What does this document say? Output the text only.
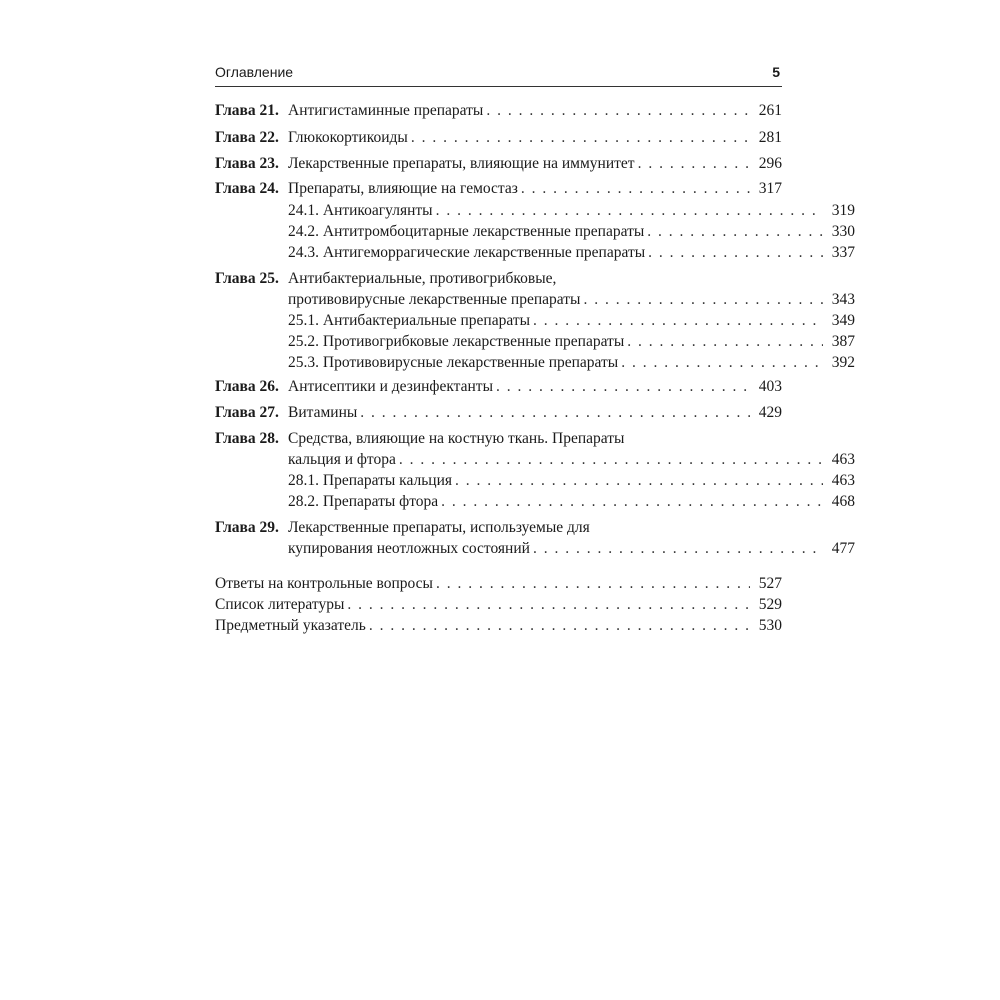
Оглавление	5
Глава 21. Антигистаминные препараты . . .	261
Глава 22. Глюкокортикоиды . . .	281
Глава 23. Лекарственные препараты, влияющие на иммунитет . . .	296
Глава 24. Препараты, влияющие на гемостаз . . .	317
24.1. Антикоагулянты . . .	319
24.2. Антитромбоцитарные лекарственные препараты . . .	330
24.3. Антигеморрагические лекарственные препараты . . .	337
Глава 25. Антибактериальные, противогрибковые,
противовирусные лекарственные препараты . . .	343
25.1. Антибактериальные препараты . . .	349
25.2. Противогрибковые лекарственные препараты . . .	387
25.3. Противовирусные лекарственные препараты . . .	392
Глава 26. Антисептики и дезинфектанты . . .	403
Глава 27. Витамины . . .	429
Глава 28. Средства, влияющие на костную ткань. Препараты
кальция и фтора . . .	463
28.1. Препараты кальция . . .	463
28.2. Препараты фтора . . .	468
Глава 29. Лекарственные препараты, используемые для
купирования неотложных состояний . . .	477
Ответы на контрольные вопросы . . .	527
Список литературы . . .	529
Предметный указатель . . .	530
